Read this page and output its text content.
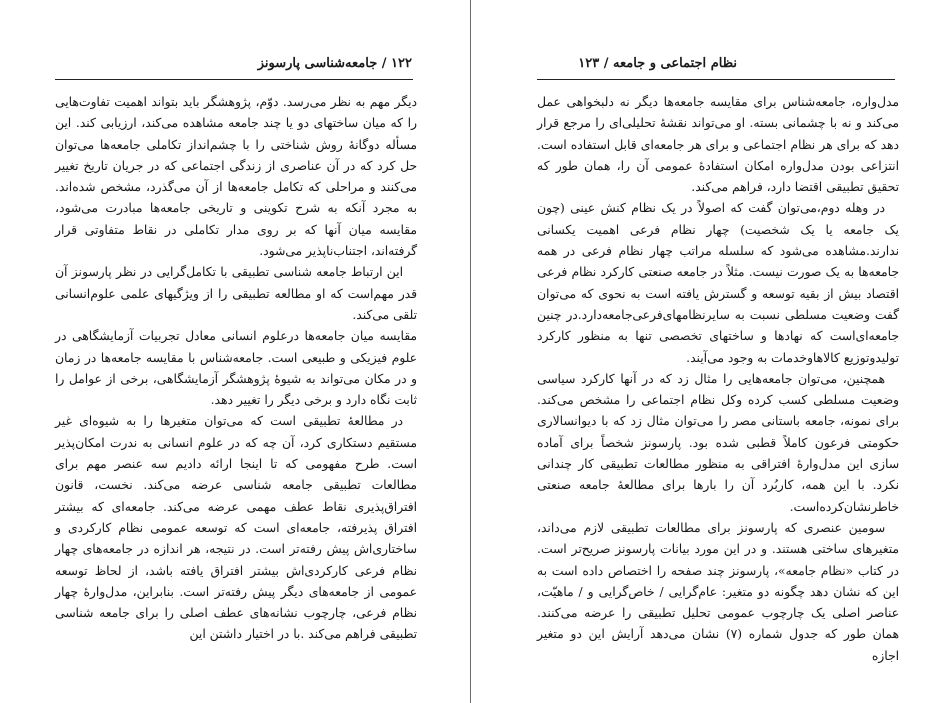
۱۲۲ / جامعه‌شناسی پارسونز

دیگر مهم به نظر می‌رسد. دوّم، پژوهشگر باید بتواند اهمیت تفاوت‌هایی را که میان ساختهای دو یا چند جامعه مشاهده می‌کند، ارزیابی کند. این مسأله دوگانهٔ روش شناختی را با چشم‌انداز تکاملی جامعه‌ها می‌توان حل کرد که در آن عناصری از زندگی اجتماعی که در جریان تاریخ تغییر می‌کنند و مراحلی که تکامل جامعه‌ها از آن می‌گذرد، مشخص شده‌اند. به مجرد آنکه به شرح تکوینی و تاریخی جامعه‌ها مبادرت می‌شود، مقایسه میان آنها که بر روی مدار تکاملی در نقاط متفاوتی قرار گرفته‌اند، اجتناب‌ناپذیر می‌شود.

این ارتباط جامعه شناسی تطبیقی با تکامل‌گرایی در نظر پارسونز آن قدر مهم‌است که او مطالعه تطبیقی را از ویژگیهای علمی علوم‌انسانی تلقی می‌کند.

مقایسه میان جامعه‌ها درعلوم انسانی معادل تجربیات آزمایشگاهی در علوم فیزیکی و طبیعی است. جامعه‌شناس با مقایسه جامعه‌ها در زمان و در مکان می‌تواند به شیوهٔ پژوهشگر آزمایشگاهی، برخی از عوامل را ثابت نگاه دارد و برخی دیگر را تغییر دهد.

در مطالعهٔ تطبیقی است که می‌توان متغیرها را به شیوه‌ای غیر مستقیم دستکاری کرد، آن چه که در علوم انسانی به ندرت امکان‌پذیر است. طرح مفهومی که تا اینجا ارائه دادیم سه عنصر مهم برای مطالعات تطبیقی جامعه شناسی عرضه می‌کند. نخست، قانون افتراق‌پذیری نقاط عطف مهمی عرضه می‌کند. جامعه‌ای که بیشتر افتراق پذیرفته، جامعه‌ای است که توسعه عمومی نظام کارکردی و ساختاری‌اش پیش رفته‌تر است. در نتیجه، هر اندازه در جامعه‌های چهار نظام فرعی کارکردی‌اش بیشتر افتراق یافته باشد، از لحاظ توسعه عمومی از جامعه‌های دیگر پیش رفته‌تر است. بنابراین، مدل‌وارهٔ چهار نظام فرعی، چارچوب نشانه‌های عطف اصلی را برای جامعه شناسی تطبیقی فراهم می‌کند .با در اختیار داشتن این

نظام اجتماعی و جامعه / ۱۲۳

مدل‌واره، جامعه‌شناس برای مقایسه جامعه‌ها دیگر نه دلبخواهی عمل می‌کند و نه با چشمانی بسته. او می‌تواند نقشهٔ تحلیلی‌ای را مرجع قرار دهد که برای هر نظام اجتماعی و برای هر جامعه‌ای قابل استفاده است. انتزاعی بودن مدل‌واره امکان استفادهٔ عمومی آن را، همان طور که تحقیق تطبیقی اقتضا دارد، فراهم می‌کند.

در وهله دوم،می‌توان گفت که اصولاً در یک نظام کنش عینی (چون یک جامعه یا یک شخصیت) چهار نظام فرعی اهمیت یکسانی ندارند.مشاهده می‌شود که سلسله مراتب چهار نظام فرعی در همه جامعه‌ها به یک صورت نیست. مثلاً در جامعه صنعتی کارکرد نظام فرعی اقتصاد بیش از بقیه توسعه و گسترش یافته است به نحوی که می‌توان گفت وضعیت مسلطی نسبت به سایرنظامهای‌فرعی‌جامعه‌دارد.در چنین جامعه‌ای‌است که نهادها و ساختهای تخصصی تنها به منظور کارکرد تولیدوتوزیع کالاهاوخدمات به وجود می‌آیند.

همچنین، می‌توان جامعه‌هایی را مثال زد که در آنها کارکرد سیاسی وضعیت مسلطی کسب کرده وکل نظام اجتماعی را مشخص می‌کند. برای نمونه، جامعه باستانی مصر را می‌توان مثال زد که با دیوانسالاری حکومتی فرعون کاملاً قطبی شده بود. پارسونز شخصاً برای آماده سازی این مدل‌وارهٔ افتراقی به منظور مطالعات تطبیقی کار چندانی نکرد. با این همه، کاربُرد آن را بارها برای مطالعهٔ جامعه صنعتی خاطرنشان‌کرده‌است.

سومین عنصری که پارسونز برای مطالعات تطبیقی لازم می‌داند، متغیرهای ساختی هستند. و در این مورد بیانات پارسونز صریح‌تر است. در کتاب «نظام جامعه»، پارسونز چند صفحه را اختصاص داده است به این که نشان دهد چگونه دو متغیر: عام‌گرایی / خاص‌گرایی و / ماهیّت، عناصر اصلی یک چارچوب عمومی تحلیل تطبیقی را عرضه می‌کنند. همان طور که جدول شماره (۷) نشان می‌دهد آرایش این دو متغیر اجازه
